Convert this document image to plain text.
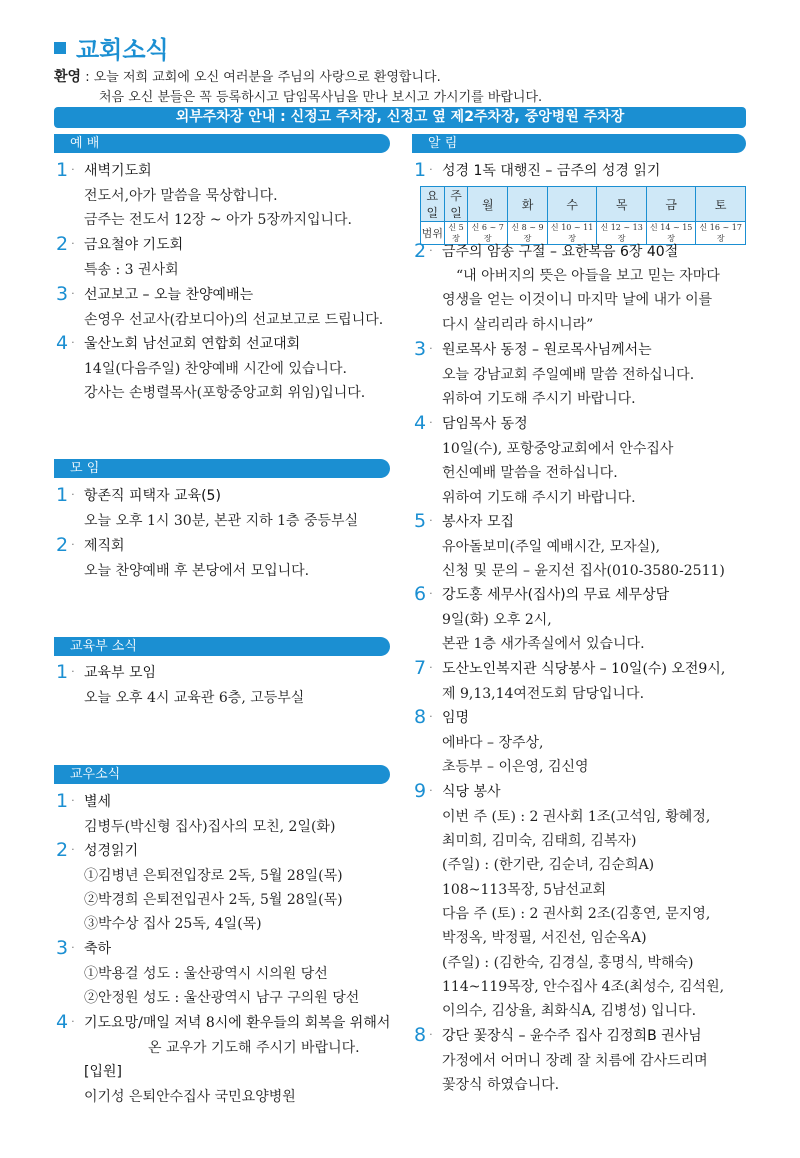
교회소식
환영 : 오늘 저희 교회에 오신 여러분을 주님의 사랑으로 환영합니다.
처음 오신 분들은 꼭 등록하시고 담임목사님을 만나 보시고 가시기를 바랍니다.
외부주차장 안내 : 신정고 주차장, 신정고 옆 제2주차장, 중앙병원 주차장
예 배
1 · 새벽기도회
전도서,아가 말씀을 묵상합니다.
금주는 전도서 12장 ~ 아가 5장까지입니다.
2 · 금요철야 기도회
특송 : 3 권사회
3 · 선교보고 – 오늘 찬양예배는
손영우 선교사(캄보디아)의 선교보고로 드립니다.
4 · 울산노회 남선교회 연합회 선교대회
14일(다음주일) 찬양예배 시간에 있습니다.
강사는 손병렬목사(포항중앙교회 위임)입니다.
모 임
1 · 항존직 피택자 교육(5)
오늘 오후 1시 30분, 본관 지하 1층 중등부실
2 · 제직회
오늘 찬양예배 후 본당에서 모입니다.
교육부 소식
1 · 교육부 모임
오늘 오후 4시 교육관 6층, 고등부실
교우소식
1 · 별세
김병두(박신형 집사)집사의 모친, 2일(화)
2 · 성경읽기
①김병년 은퇴전입장로 2독, 5월 28일(목)
②박경희 은퇴전입권사 2독, 5월 28일(목)
③박수상 집사 25독, 4일(목)
3 · 축하
①박용걸 성도 : 울산광역시 시의원 당선
②안정원 성도 : 울산광역시 남구 구의원 당선
4 · 기도요망/매일 저녁 8시에 환우들의 회복을 위해서
온 교우가 기도해 주시기 바랍니다.
[입원]
이기성 은퇴안수집사 국민요양병원
알 림
1 · 성경 1독 대행진 – 금주의 성경 읽기
요일	주일	월	화	수	목	금	토
범위	신 5장	신 6 ~ 7장	신 8 ~ 9장	신 10 ~ 11장	신 12 ~ 13장	신 14 ~ 15장	신 16 ~ 17장
2 · 금주의 암송 구절 – 요한복음 6장 40절
“내 아버지의 뜻은 아들을 보고 믿는 자마다
영생을 얻는 이것이니 마지막 날에 내가 이를
다시 살리리라 하시니라”
3 · 원로목사 동정 – 원로목사님께서는
오늘 강남교회 주일예배 말씀 전하십니다.
위하여 기도해 주시기 바랍니다.
4 · 담임목사 동정
10일(수), 포항중앙교회에서 안수집사
헌신예배 말씀을 전하십니다.
위하여 기도해 주시기 바랍니다.
5 · 봉사자 모집
유아돌보미(주일 예배시간, 모자실),
신청 및 문의 – 윤지선 집사(010-3580-2511)
6 · 강도홍 세무사(집사)의 무료 세무상담
9일(화) 오후 2시,
본관 1층 새가족실에서 있습니다.
7 · 도산노인복지관 식당봉사 – 10일(수) 오전9시,
제 9,13,14여전도회 담당입니다.
8 · 임명
에바다 – 장주상,
초등부 – 이은영, 김신영
9 · 식당 봉사
이번 주 (토) : 2 권사회 1조(고석임, 황혜정,
최미희, 김미숙, 김태희, 김복자)
(주일) : (한기란, 김순녀, 김순희A)
108~113목장, 5남선교회
다음 주 (토) : 2 권사회 2조(김홍연, 문지영,
박정옥, 박정필, 서진선, 임순옥A)
(주일) : (김한숙, 김경실, 홍명식, 박해숙)
114~119목장, 안수집사 4조(최성수, 김석원,
이의수, 김상율, 최화식A, 김병성) 입니다.
8 · 강단 꽃장식 – 윤수주 집사 김정희B 권사님
가정에서 어머니 장례 잘 치름에 감사드리며
꽃장식 하였습니다.
